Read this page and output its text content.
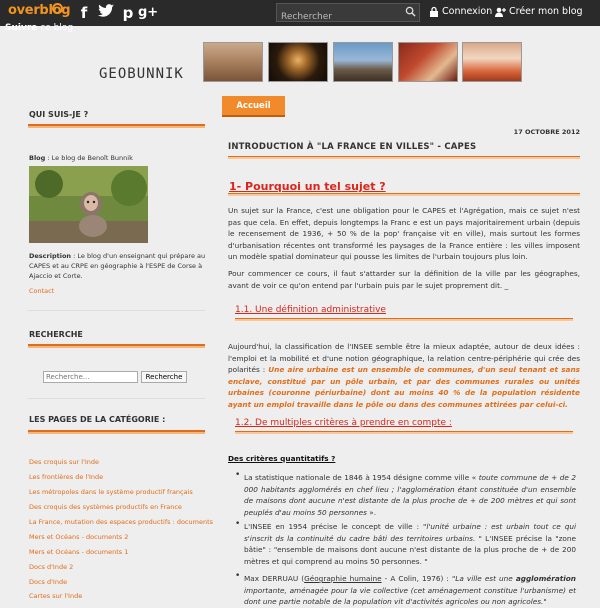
overblog f	p g+
Rechercher	Connexion Créer mon blog
Suivre ce blog
GEOBUNNIK
QUI SUIS-JE ?
Blog : Le blog de Benoît Bunnik
Description : Le blog d'un enseignant qui prépare au CAPES et au CRPE en géographie à l'ESPE de Corse à Ajaccio et Corte.
Contact
RECHERCHE
Recherche...
Recherche
LES PAGES DE LA CATÉGORIE :
Des croquis sur l'Inde
Les frontières de l'Inde
Les métropoles dans le système productif français
Des croquis des systèmes productifs en France
La France, mutation des espaces productifs : documents
Mers et Océans - documents 2
Mers et Océans - documents 1
Docs d'Inde 2
Docs d'Inde
Cartes sur l'Inde
Accueil
17 OCTOBRE 2012
INTRODUCTION À "LA FRANCE EN VILLES" - CAPES
1- Pourquoi un tel sujet ?
Un sujet sur la France, c'est une obligation pour le CAPES et l'Agrégation, mais ce sujet n'est pas que cela. En effet, depuis longtemps la Franc e est un pays majoritairement urbain (depuis le recensement de 1936, + 50 % de la pop' française vit en ville), mais surtout les formes d'urbanisation récentes ont transformé les paysages de la France entière : les villes imposent un modèle spatial dominateur qui pousse les limites de l'urbain toujours plus loin.
Pour commencer ce cours, il faut s'attarder sur la définition de la ville par les géographes, avant de voir ce qu'on entend par l'urbain puis par le sujet proprement dit. _
1.1. Une définition administrative
Aujourd'hui, la classification de l'INSEE semble être la mieux adaptée, autour de deux idées : l'emploi et la mobilité et d'une notion géographique, la relation centre-périphérie qui crée des polarités : Une aire urbaine est un ensemble de communes, d'un seul tenant et sans enclave, constitué par un pôle urbain, et par des communes rurales ou unités urbaines (couronne périurbaine) dont au moins 40 % de la population résidente ayant un emploi travaille dans le pôle ou dans des communes attirées par celui-ci.
1.2. De multiples critères à prendre en compte :
Des critères quantitatifs ?
• La statistique nationale de 1846 à 1954 désigne comme ville « toute commune de + de 2 000 habitants agglomérés en chef lieu ; l'agglomération étant constituée d'un ensemble de maisons dont aucune n'est distante de la plus proche de + de 200 mètres et qui sont peuplés d'au moins 50 personnes ».
• L'INSEE en 1954 précise le concept de ville : "l'unité urbaine : est urbain tout ce qui s'inscrit ds la continuité du cadre bâti des territoires urbains. " L'INSEE précise la "zone bâtie" : "ensemble de maisons dont aucune n'est distante de la plus proche de + de 200 mètres et qui comprend au moins 50 personnes. "
• Max DERRUAU (Géographie humaine - A Colin, 1976) : "La ville est une agglomération importante, aménagée pour la vie collective (cet aménagement constitue l'urbanisme) et dont une partie notable de la population vit d'activités agricoles ou non agricoles."
